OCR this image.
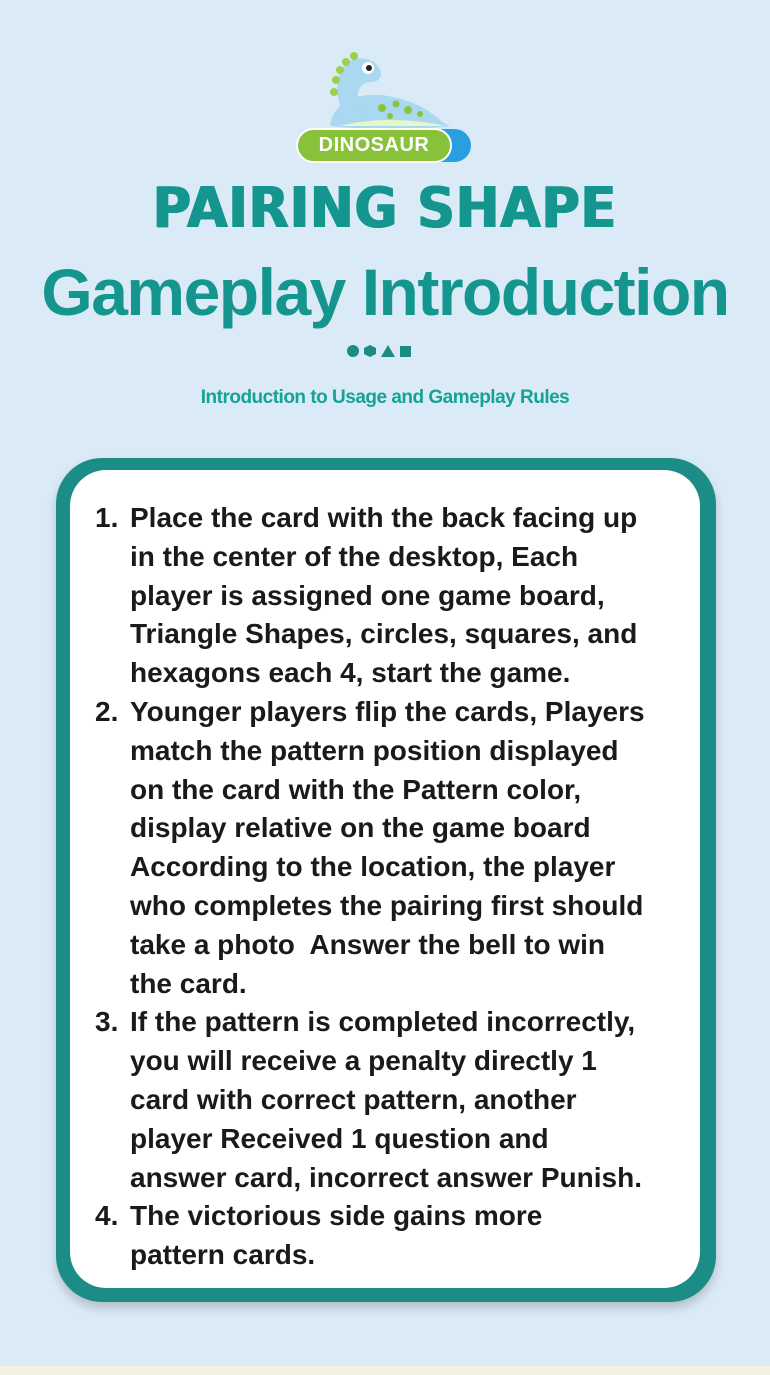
DINOSAUR
PAIRING SHAPE
Gameplay Introduction
Introduction to Usage and Gameplay Rules
1. Place the card with the back facing up
in the center of the desktop, Each
player is assigned one game board,
Triangle Shapes, circles, squares, and
hexagons each 4, start the game.
2. Younger players flip the cards, Players
match the pattern position displayed
on the card with the Pattern color,
display relative on the game board
According to the location, the player
who completes the pairing first should
take a photo  Answer the bell to win
the card.
3. If the pattern is completed incorrectly,
you will receive a penalty directly 1
card with correct pattern, another
player Received 1 question and
answer card, incorrect answer Punish.
4. The victorious side gains more
pattern cards.
